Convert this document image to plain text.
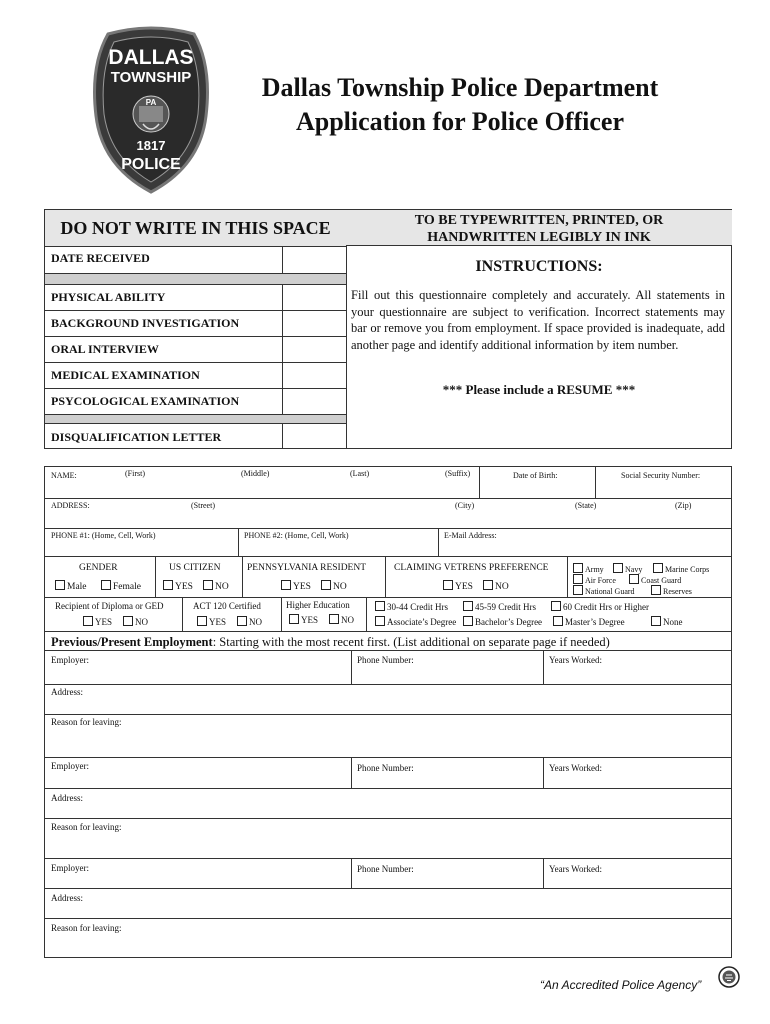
DALLAS
TOWNSHIP
PA
1817
POLICE
Dallas Township Police Department
Application for Police Officer
DO NOT WRITE IN THIS SPACE
DATE RECEIVED
PHYSICAL ABILITY
BACKGROUND INVESTIGATION
ORAL INTERVIEW
MEDICAL EXAMINATION
PSYCOLOGICAL EXAMINATION
DISQUALIFICATION LETTER
TO BE TYPEWRITTEN, PRINTED, OR
HANDWRITTEN LEGIBLY IN INK
INSTRUCTIONS:
Fill out this questionnaire completely and accurately. All statements in your questionnaire are subject to verification. Incorrect statements may bar or remove you from employment. If space provided is inadequate, add another page and identify additional information by item number.
*** Please include a RESUME ***
NAME:	(First)	(Middle)	(Last)	(Suffix)	Date of Birth:	Social Security Number:
ADDRESS:	(Street)	(City)	(State)	(Zip)
PHONE #1: (Home, Cell, Work)	PHONE #2: (Home, Cell, Work)	E-Mail Address:
GENDER
Male	Female
US CITIZEN
YES	NO
PENNSYLVANIA RESIDENT
YES	NO
CLAIMING VETRENS PREFERENCE
YES	NO
Army	Navy	Marine Corps
Air Force	Coast Guard
National Guard	Reserves
Recipient of Diploma or GED
YES	NO
ACT 120 Certified
YES	NO
Higher Education
YES	NO
30-44 Credit Hrs	45-59 Credit Hrs	60 Credit Hrs or Higher
Associate’s Degree	Bachelor’s Degree	Master’s Degree	None
Previous/Present Employment: Starting with the most recent first. (List additional on separate page if needed)
Employer:	Phone Number:	Years Worked:
Address:
Reason for leaving:
Employer:	Phone Number:	Years Worked:
Address:
Reason for leaving:
Employer:	Phone Number:	Years Worked:
Address:
Reason for leaving:
“An Accredited Police Agency”
